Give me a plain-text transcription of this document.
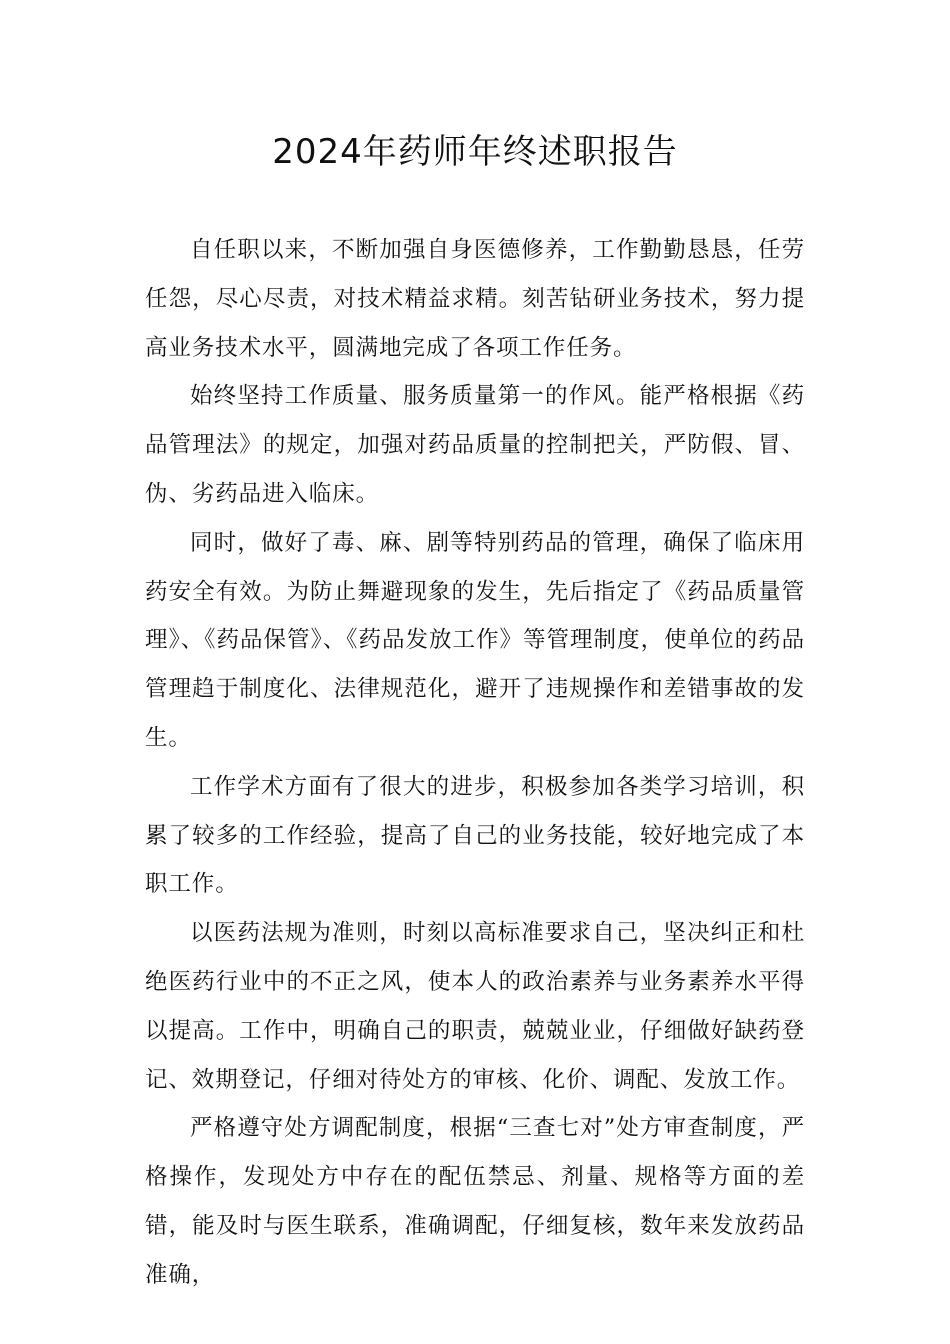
2024年药师年终述职报告

自任职以来，不断加强自身医德修养，工作勤勤恳恳，任劳任怨，尽心尽责，对技术精益求精。刻苦钻研业务技术，努力提高业务技术水平，圆满地完成了各项工作任务。

始终坚持工作质量、服务质量第一的作风。能严格根据《药品管理法》的规定，加强对药品质量的控制把关，严防假、冒、伪、劣药品进入临床。

同时，做好了毒、麻、剧等特别药品的管理，确保了临床用药安全有效。为防止舞避现象的发生，先后指定了《药品质量管理》、《药品保管》、《药品发放工作》等管理制度，使单位的药品管理趋于制度化、法律规范化，避开了违规操作和差错事故的发生。

工作学术方面有了很大的进步，积极参加各类学习培训，积累了较多的工作经验，提高了自己的业务技能，较好地完成了本职工作。

以医药法规为准则，时刻以高标准要求自己，坚决纠正和杜绝医药行业中的不正之风，使本人的政治素养与业务素养水平得以提高。工作中，明确自己的职责，兢兢业业，仔细做好缺药登记、效期登记，仔细对待处方的审核、化价、调配、发放工作。

严格遵守处方调配制度，根据“三查七对”处方审查制度，严格操作，发现处方中存在的配伍禁忌、剂量、规格等方面的差错，能及时与医生联系，准确调配，仔细复核，数年来发放药品准确，
